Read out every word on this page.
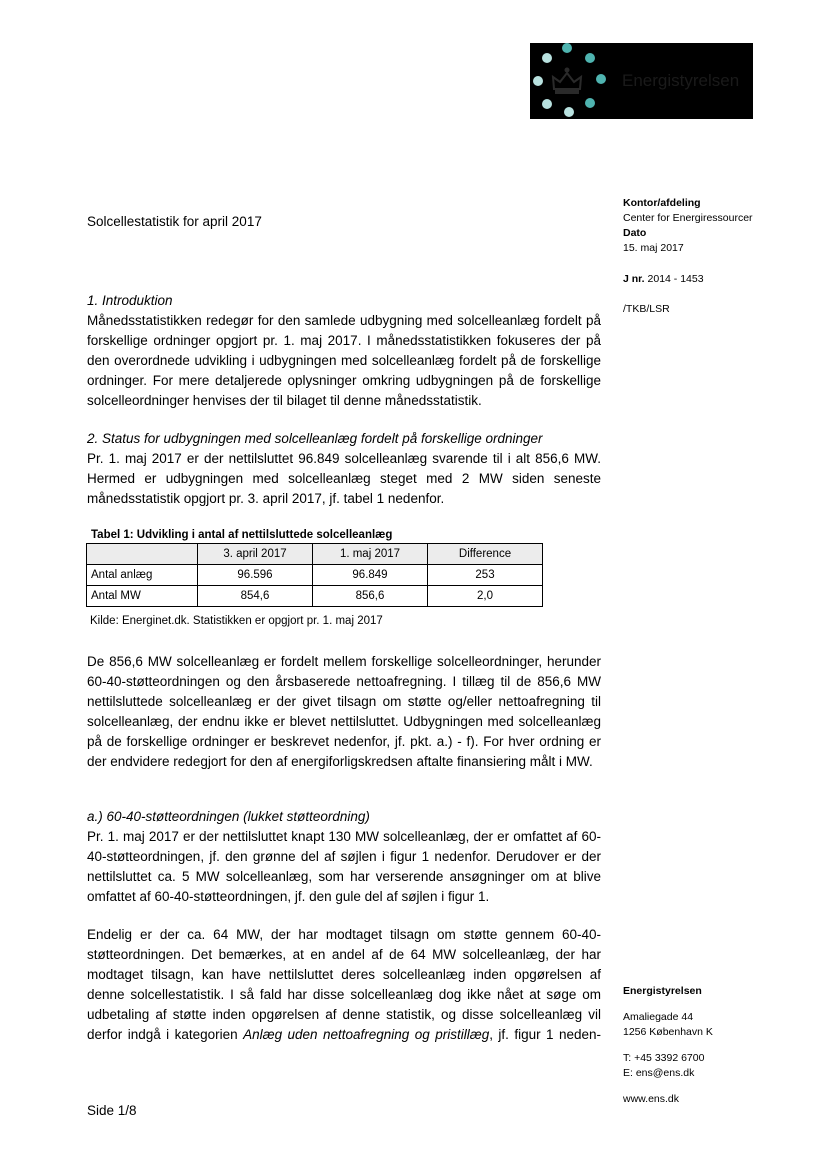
Energistyrelsen
Solcellestatistik for april 2017
Kontor/afdeling
Center for Energiressourcer
Dato
15. maj 2017
J nr. 2014 - 1453
/TKB/LSR
Energistyrelsen
Amaliegade 44
1256 København K
T: +45 3392 6700
E: ens@ens.dk
www.ens.dk
1. Introduktion

Månedsstatistikken redegør for den samlede udbygning med solcelleanlæg fordelt på forskellige ordninger opgjort pr. 1. maj 2017. I månedsstatistikken fokuseres der på den overordnede udvikling i udbygningen med solcelleanlæg fordelt på de forskellige ordninger. For mere detaljerede oplysninger omkring udbygningen på de forskellige solcelleordninger henvises der til bilaget til denne månedsstatistik.

2. Status for udbygningen med solcelleanlæg fordelt på forskellige ordninger

Pr. 1. maj 2017 er der nettilsluttet 96.849 solcelleanlæg svarende til i alt 856,6 MW. Hermed er udbygningen med solcelleanlæg steget med 2 MW siden seneste månedsstatistik opgjort pr. 3. april 2017, jf. tabel 1 nedenfor.

Tabel 1: Udvikling i antal af nettilsluttede solcelleanlæg
	3. april 2017	1. maj 2017	Difference
Antal anlæg	96.596	96.849	253
Antal MW	854,6	856,6	2,0
Kilde: Energinet.dk. Statistikken er opgjort pr. 1. maj 2017

De 856,6 MW solcelleanlæg er fordelt mellem forskellige solcelleordninger, herunder 60-40-støtteordningen og den årsbaserede nettoafregning. I tillæg til de 856,6 MW nettilsluttede solcelleanlæg er der givet tilsagn om støtte og/eller nettoafregning til solcelleanlæg, der endnu ikke er blevet nettilsluttet. Udbygningen med solcelleanlæg på de forskellige ordninger er beskrevet nedenfor, jf. pkt. a.) - f). For hver ordning er der endvidere redegjort for den af energiforligskredsen aftalte finansiering målt i MW.

a.) 60-40-støtteordningen (lukket støtteordning)

Pr. 1. maj 2017 er der nettilsluttet knapt 130 MW solcelleanlæg, der er omfattet af 60-40-støtteordningen, jf. den grønne del af søjlen i figur 1 nedenfor. Derudover er der nettilsluttet ca. 5 MW solcelleanlæg, som har verserende ansøgninger om at blive omfattet af 60-40-støtteordningen, jf. den gule del af søjlen i figur 1.

Endelig er der ca. 64 MW, der har modtaget tilsagn om støtte gennem 60-40-støtteordningen. Det bemærkes, at en andel af de 64 MW solcelleanlæg, der har modtaget tilsagn, kan have nettilsluttet deres solcelleanlæg inden opgørelsen af denne solcellestatistik. I så fald har disse solcelleanlæg dog ikke nået at søge om udbetaling af støtte inden opgørelsen af denne statistik, og disse solcelleanlæg vil derfor indgå i kategorien Anlæg uden nettoafregning og pristillæg, jf. figur 1 neden-

Side 1/8
